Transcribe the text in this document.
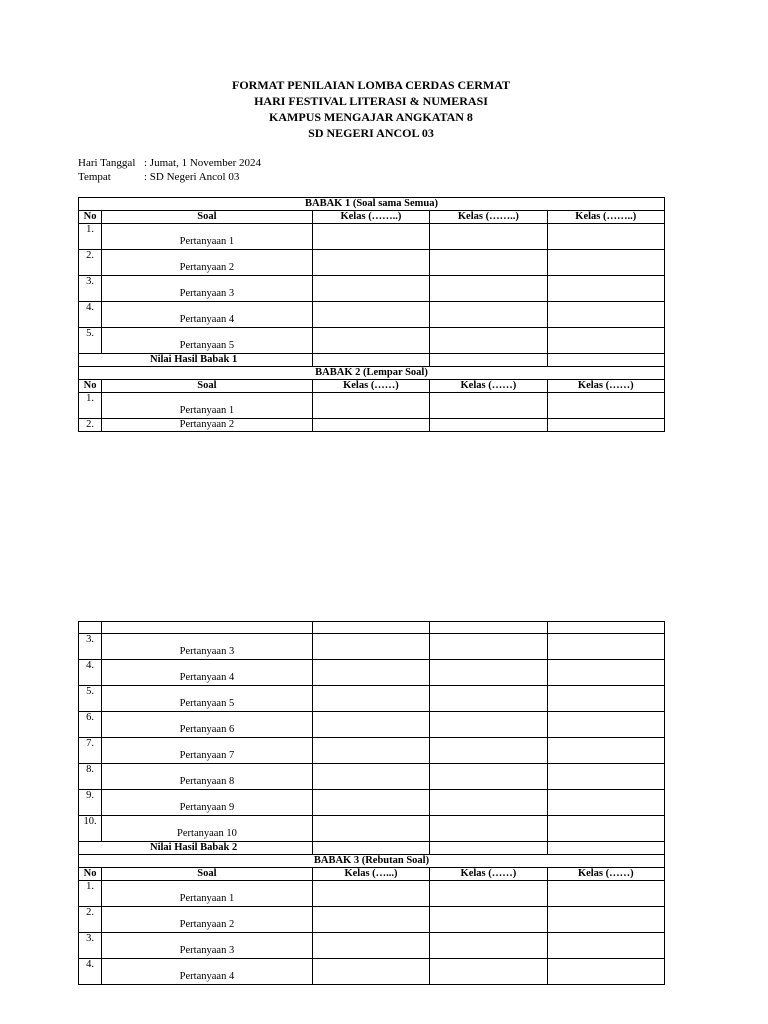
FORMAT PENILAIAN LOMBA CERDAS CERMAT
HARI FESTIVAL LITERASI & NUMERASI
KAMPUS MENGAJAR ANGKATAN 8
SD NEGERI ANCOL 03
Hari Tanggal : Jumat, 1 November 2024
Tempat	: SD Negeri Ancol 03
BABAK 1 (Soal sama Semua)				
No	Soal	Kelas (……..)	Kelas (……..)	Kelas (……..)
1.	Pertanyaan 1			
2.	Pertanyaan 2			
3.	Pertanyaan 3			
4.	Pertanyaan 4			
5.	Pertanyaan 5			
Nilai Hasil Babak 1				
BABAK 2 (Lempar Soal)				
No	Soal	Kelas (……)	Kelas (……)	Kelas (……)
1.	Pertanyaan 1			
2.	Pertanyaan 2			

3.	Pertanyaan 3			
4.	Pertanyaan 4			
5.	Pertanyaan 5			
6.	Pertanyaan 6			
7.	Pertanyaan 7			
8.	Pertanyaan 8			
9.	Pertanyaan 9			
10.	Pertanyaan 10			
Nilai Hasil Babak 2				
BABAK 3 (Rebutan Soal)				
No	Soal	Kelas (…...)	Kelas (……)	Kelas (……)
1.	Pertanyaan 1			
2.	Pertanyaan 2			
3.	Pertanyaan 3			
4.	Pertanyaan 4			
